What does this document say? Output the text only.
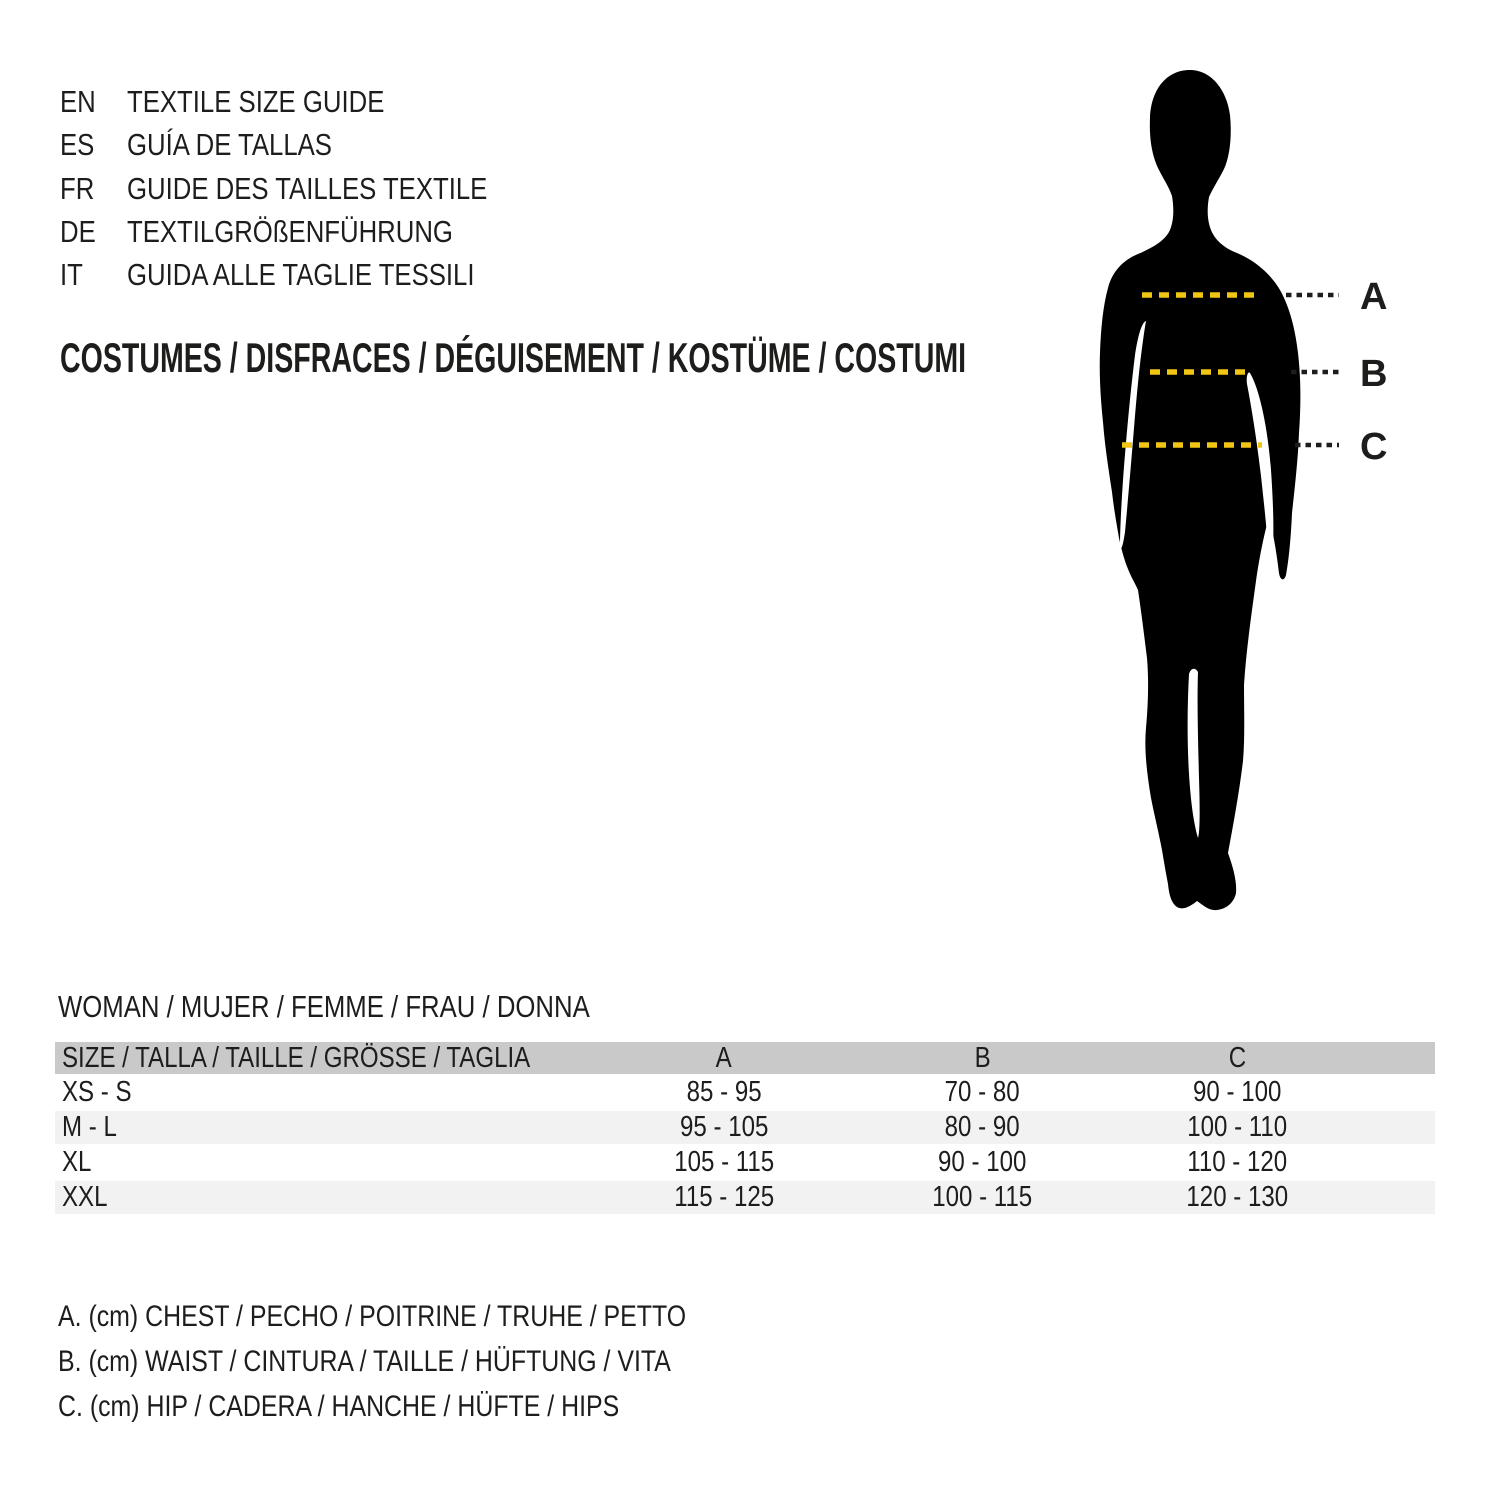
EN TEXTILE SIZE GUIDE
ES GUÍA DE TALLAS
FR GUIDE DES TAILLES TEXTILE
DE TEXTILGRÖßENFÜHRUNG
IT GUIDA ALLE TAGLIE TESSILI
COSTUMES / DISFRACES / DÉGUISEMENT / KOSTÜME / COSTUMI
A
B
C
WOMAN / MUJER / FEMME / FRAU / DONNA
SIZE / TALLA / TAILLE / GRÖSSE / TAGLIA	A	B	C	
XS - S	85 - 95	70 - 80	90 - 100	
M - L	95 - 105	80 - 90	100 - 110	
XL	105 - 115	90 - 100	110 - 120	
XXL	115 - 125	100 - 115	120 - 130	
A. (cm) CHEST / PECHO / POITRINE / TRUHE / PETTO
B. (cm) WAIST / CINTURA / TAILLE / HÜFTUNG / VITA
C. (cm) HIP / CADERA / HANCHE / HÜFTE / HIPS
